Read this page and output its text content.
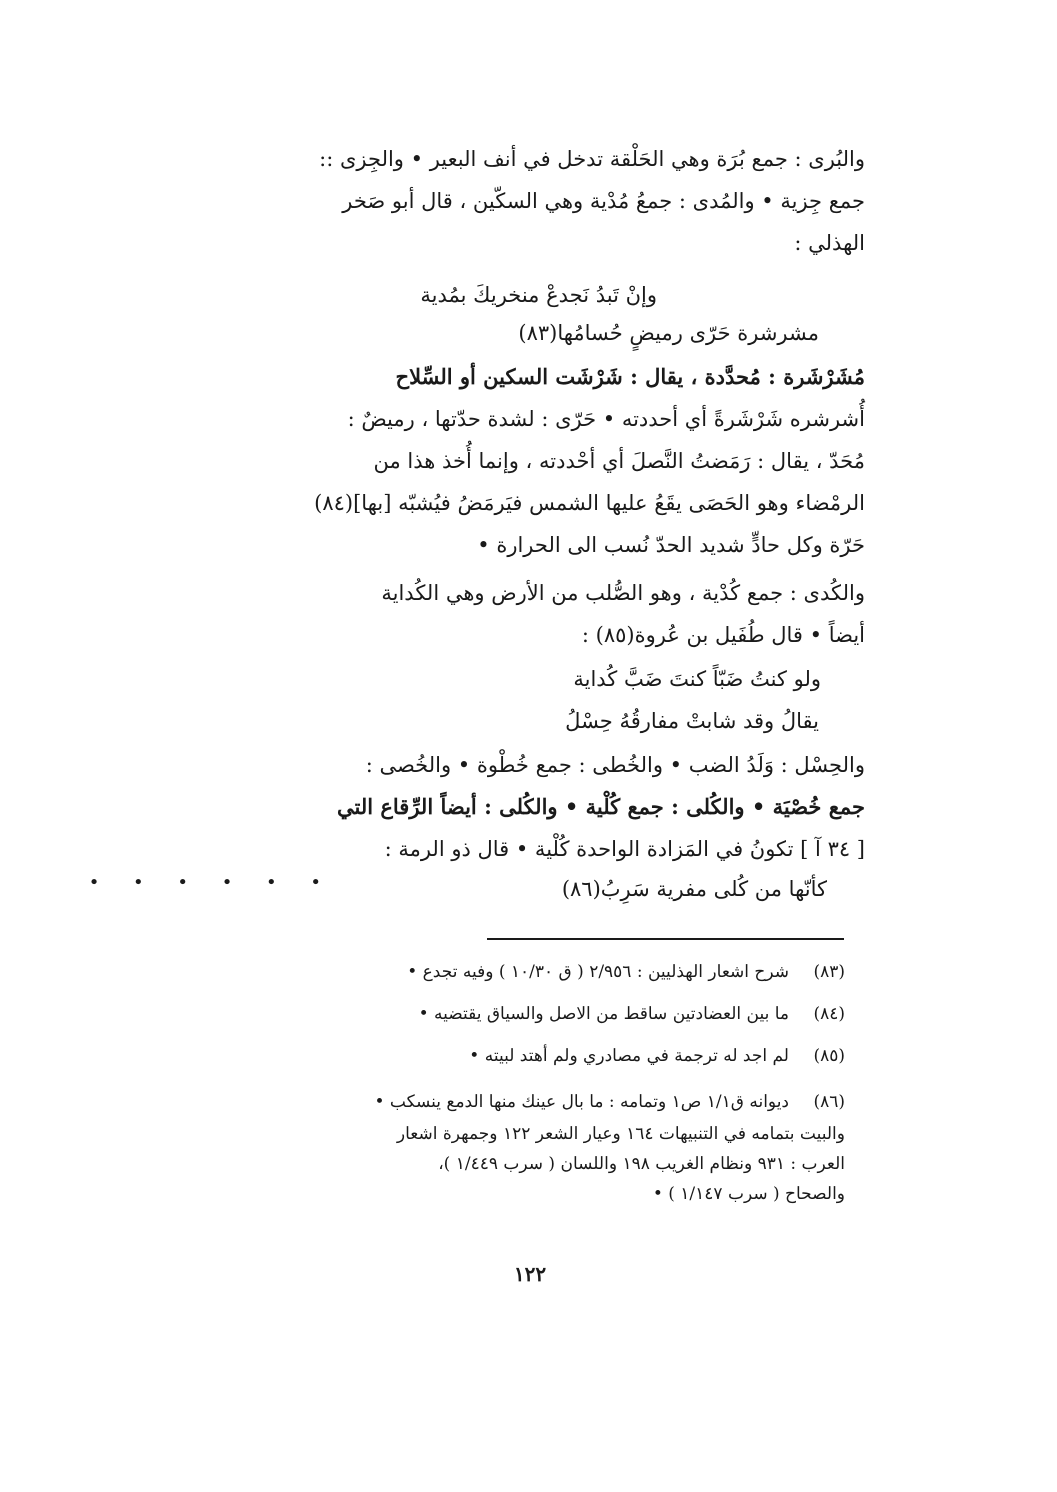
والبُرى : جمع بُرَة وهي الحَلْقة تدخل في أنف البعير • والجِزى ::
جمع جِزية • والمُدى : جمعُ مُدْية وهي السكّين ، قال أبو صَخر
الهذلي :
وإنْ تَبدُ نَجدعْ منخريكَ بمُدية
مشرشرة حَرّى رميضٍ حُسامُها(٨٣)
مُشَرْشَرة : مُحدَّدة ، يقال : شَرْشَت السكين أو السِّلاح
أُشرشره شَرْشَرةً أي أحددته • حَرّى : لشدة حدّتها ، رميضٌ :
مُحَدّ ، يقال : رَمَضتُ النَّصلَ أي أحْددته ، وإنما أُخذ هذا من
الرمْضاء وهو الحَصَى يقَعُ عليها الشمس فيَرمَضُ فيُشبّه [بها](٨٤)
حَرّة وكل حادٍّ شديد الحدّ نُسب الى الحرارة •
والكُدى : جمع كُدْية ، وهو الصُّلب من الأرض وهي الكُداية
أيضاً • قال طُفَيل بن عُروة(٨٥) :
ولو كنتُ ضَبّاً كنتَ ضَبَّ كُداية
يقالُ وقد شابتْ مفارقُهُ حِسْلُ
والحِسْل : وَلَدُ الضب • والخُطى : جمع خُطْوة • والخُصى :
جمع خُصْيَة • والكُلى : جمع كُلْية • والكُلى : أيضاً الرِّقاع التي
[ ٣٤ آ ] تكونُ في المَزادة الواحدة كُلْية • قال ذو الرمة :
• • • • • •	كأنّها من كُلى مفرية سَرِبُ(٨٦)
(٨٣)شرح اشعار الهذليين : ٢/٩٥٦ ( ق ١٠/٣٠ ) وفيه تجدع •
(٨٤)ما بين العضادتين ساقط من الاصل والسياق يقتضيه •
(٨٥)لم اجد له ترجمة في مصادري ولم أهتد لبيته •
(٨٦)ديوانه ق١/١ ص١ وتمامه : ما بال عينك منها الدمع ينسكب •
والبيت بتمامه في التنبيهات ١٦٤ وعيار الشعر ١٢٢ وجمهرة اشعار
العرب : ٩٣١ ونظام الغريب ١٩٨ واللسان ( سرب ١/٤٤٩ )،
والصحاح ( سرب ١/١٤٧ ) •
١٢٢
